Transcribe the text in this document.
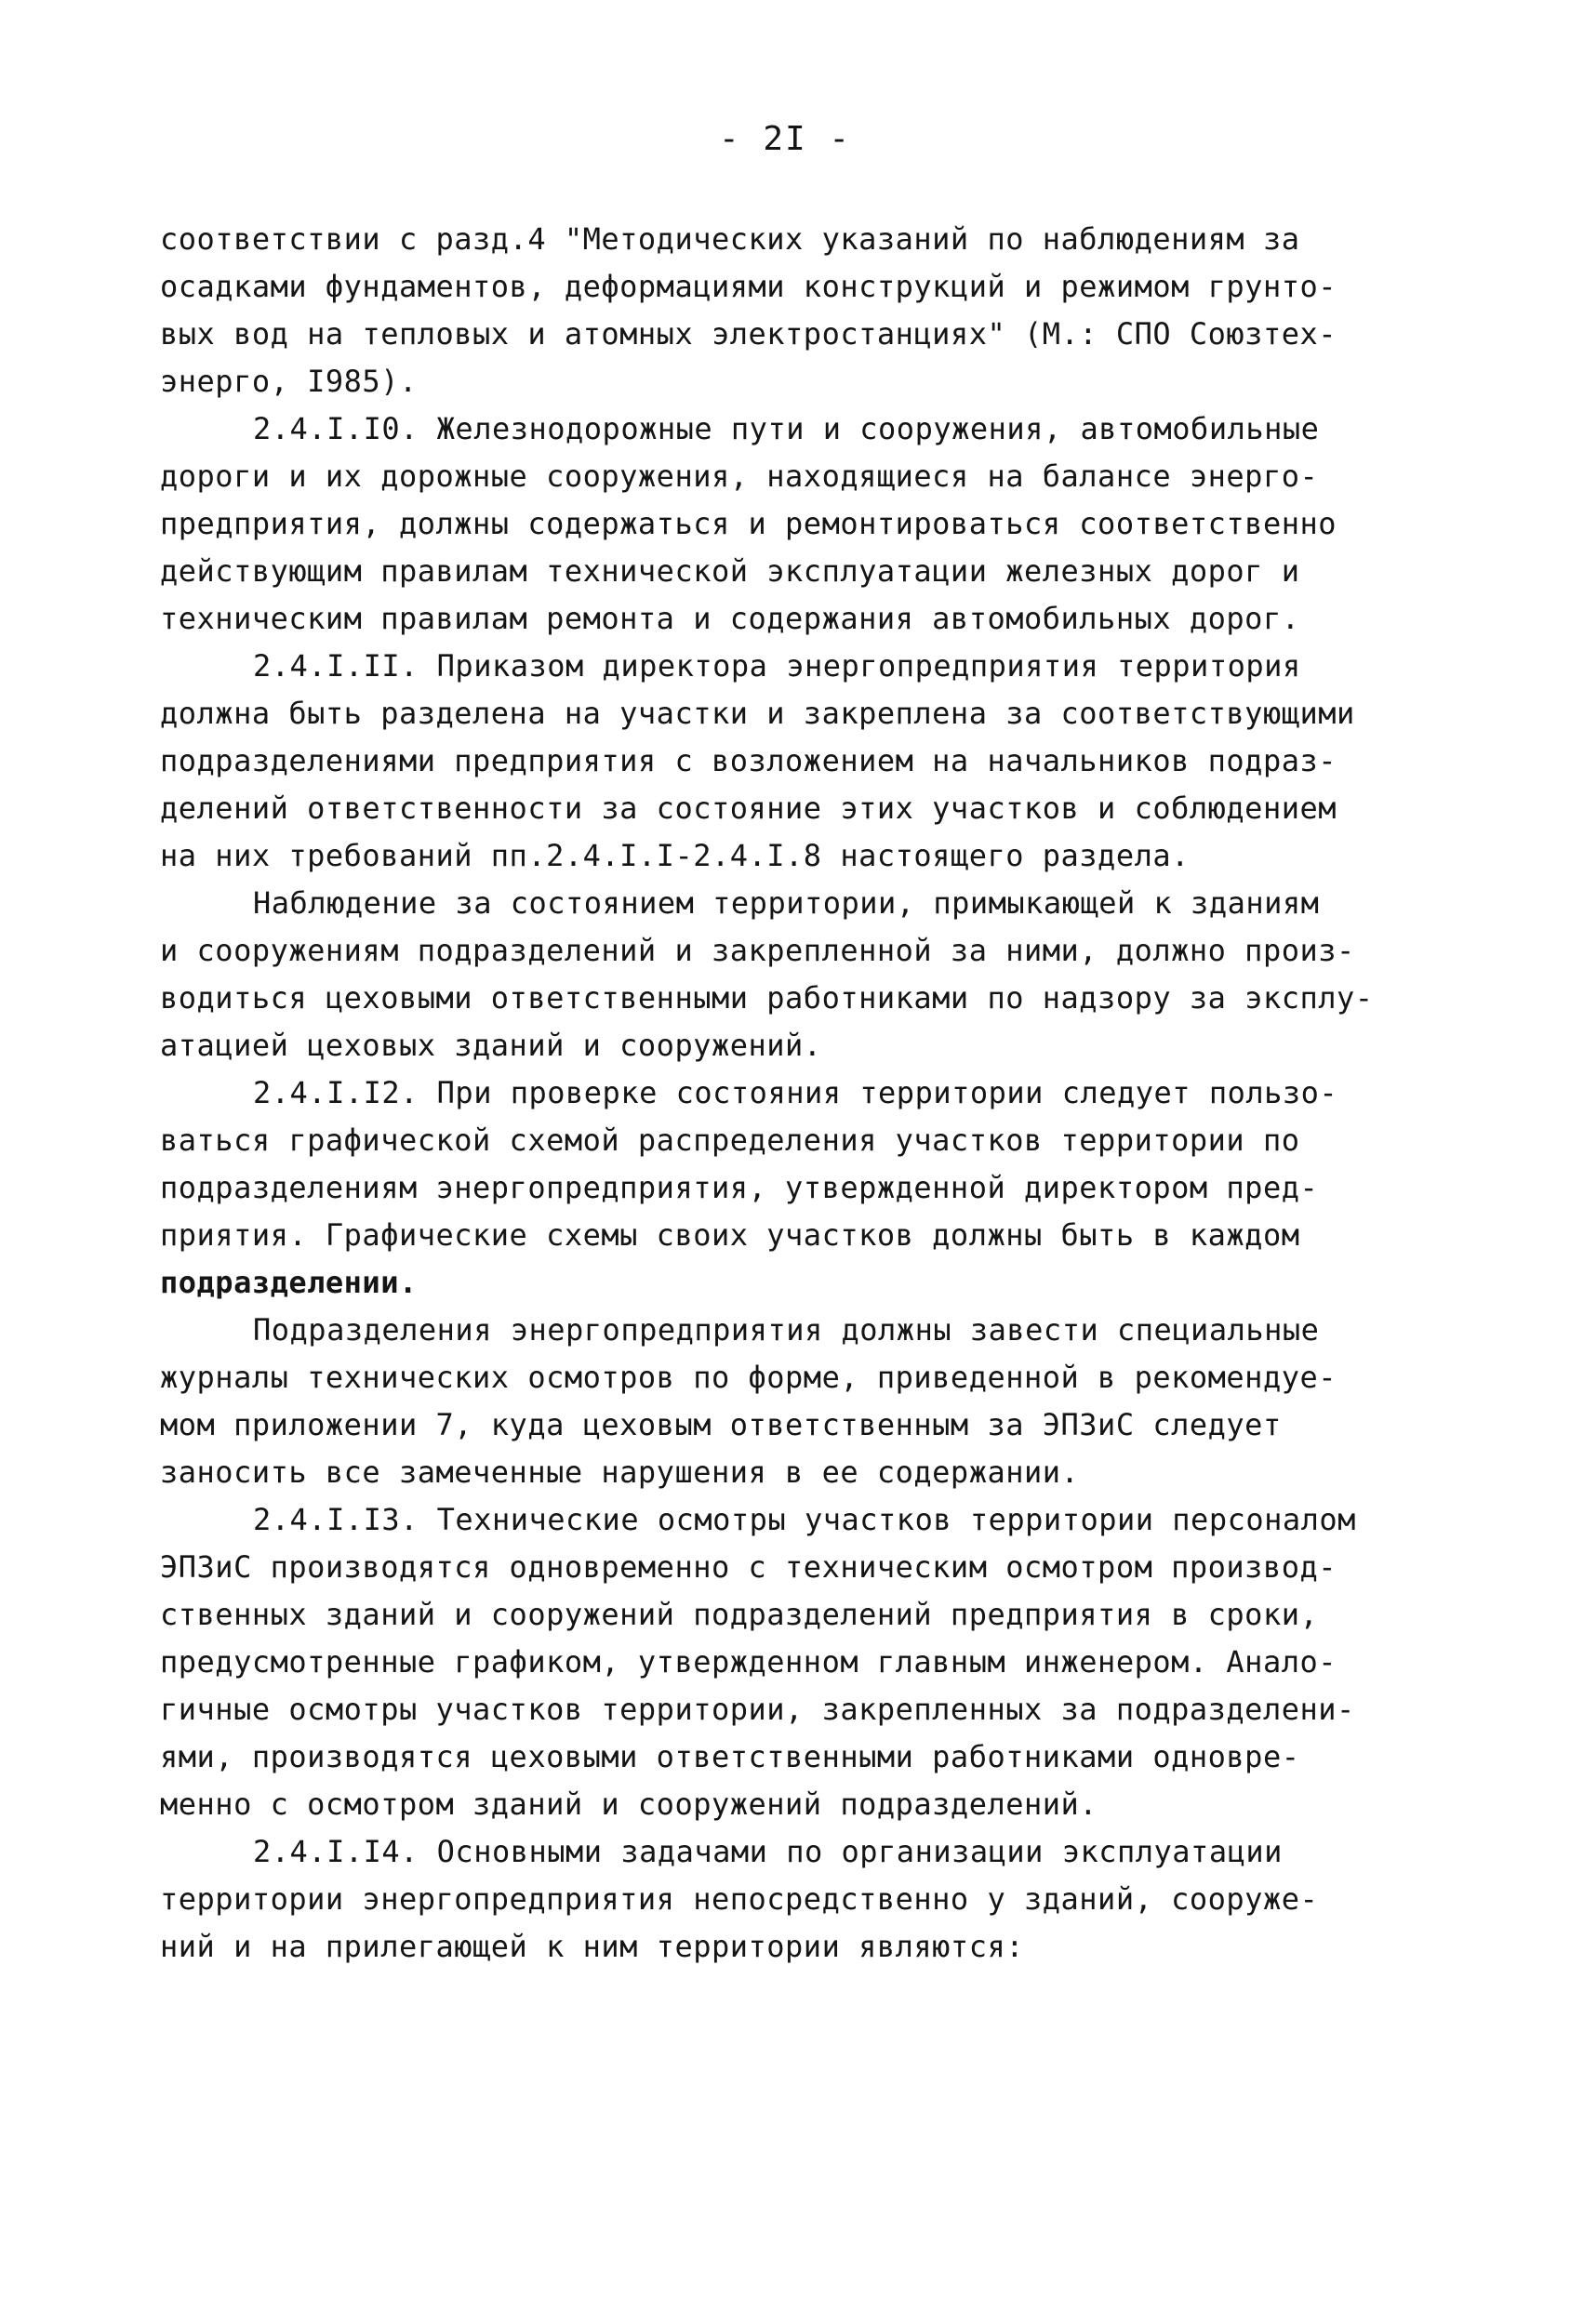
- 2I -
соответствии с разд.4 "Методических указаний по наблюдениям за
осадками фундаментов, деформациями конструкций и режимом грунто-
вых вод на тепловых и атомных электростанциях" (М.: СПО Союзтех-
энерго, I985).
2.4.I.I0. Железнодорожные пути и сооружения, автомобильные
дороги и их дорожные сооружения, находящиеся на балансе энерго-
предприятия, должны содержаться и ремонтироваться соответственно
действующим правилам технической эксплуатации железных дорог и
техническим правилам ремонта и содержания автомобильных дорог.
2.4.I.II. Приказом директора энергопредприятия территория
должна быть разделена на участки и закреплена за соответствующими
подразделениями предприятия с возложением на начальников подраз-
делений ответственности за состояние этих участков и соблюдением
на них требований пп.2.4.I.I-2.4.I.8 настоящего раздела.
Наблюдение за состоянием территории, примыкающей к зданиям
и сооружениям подразделений и закрепленной за ними, должно произ-
водиться цеховыми ответственными работниками по надзору за эксплу-
атацией цеховых зданий и сооружений.
2.4.I.I2. При проверке состояния территории следует пользо-
ваться графической схемой распределения участков территории по
подразделениям энергопредприятия, утвержденной директором пред-
приятия. Графические схемы своих участков должны быть в каждом
подразделении.
Подразделения энергопредприятия должны завести специальные
журналы технических осмотров по форме, приведенной в рекомендуе-
мом приложении 7, куда цеховым ответственным за ЭПЗиС следует
заносить все замеченные нарушения в ее содержании.
2.4.I.I3. Технические осмотры участков территории персоналом
ЭПЗиС производятся одновременно с техническим осмотром производ-
ственных зданий и сооружений подразделений предприятия в сроки,
предусмотренные графиком, утвержденном главным инженером. Анало-
гичные осмотры участков территории, закрепленных за подразделени-
ями, производятся цеховыми ответственными работниками одновре-
менно с осмотром зданий и сооружений подразделений.
2.4.I.I4. Основными задачами по организации эксплуатации
территории энергопредприятия непосредственно у зданий, сооруже-
ний и на прилегающей к ним территории являются:
